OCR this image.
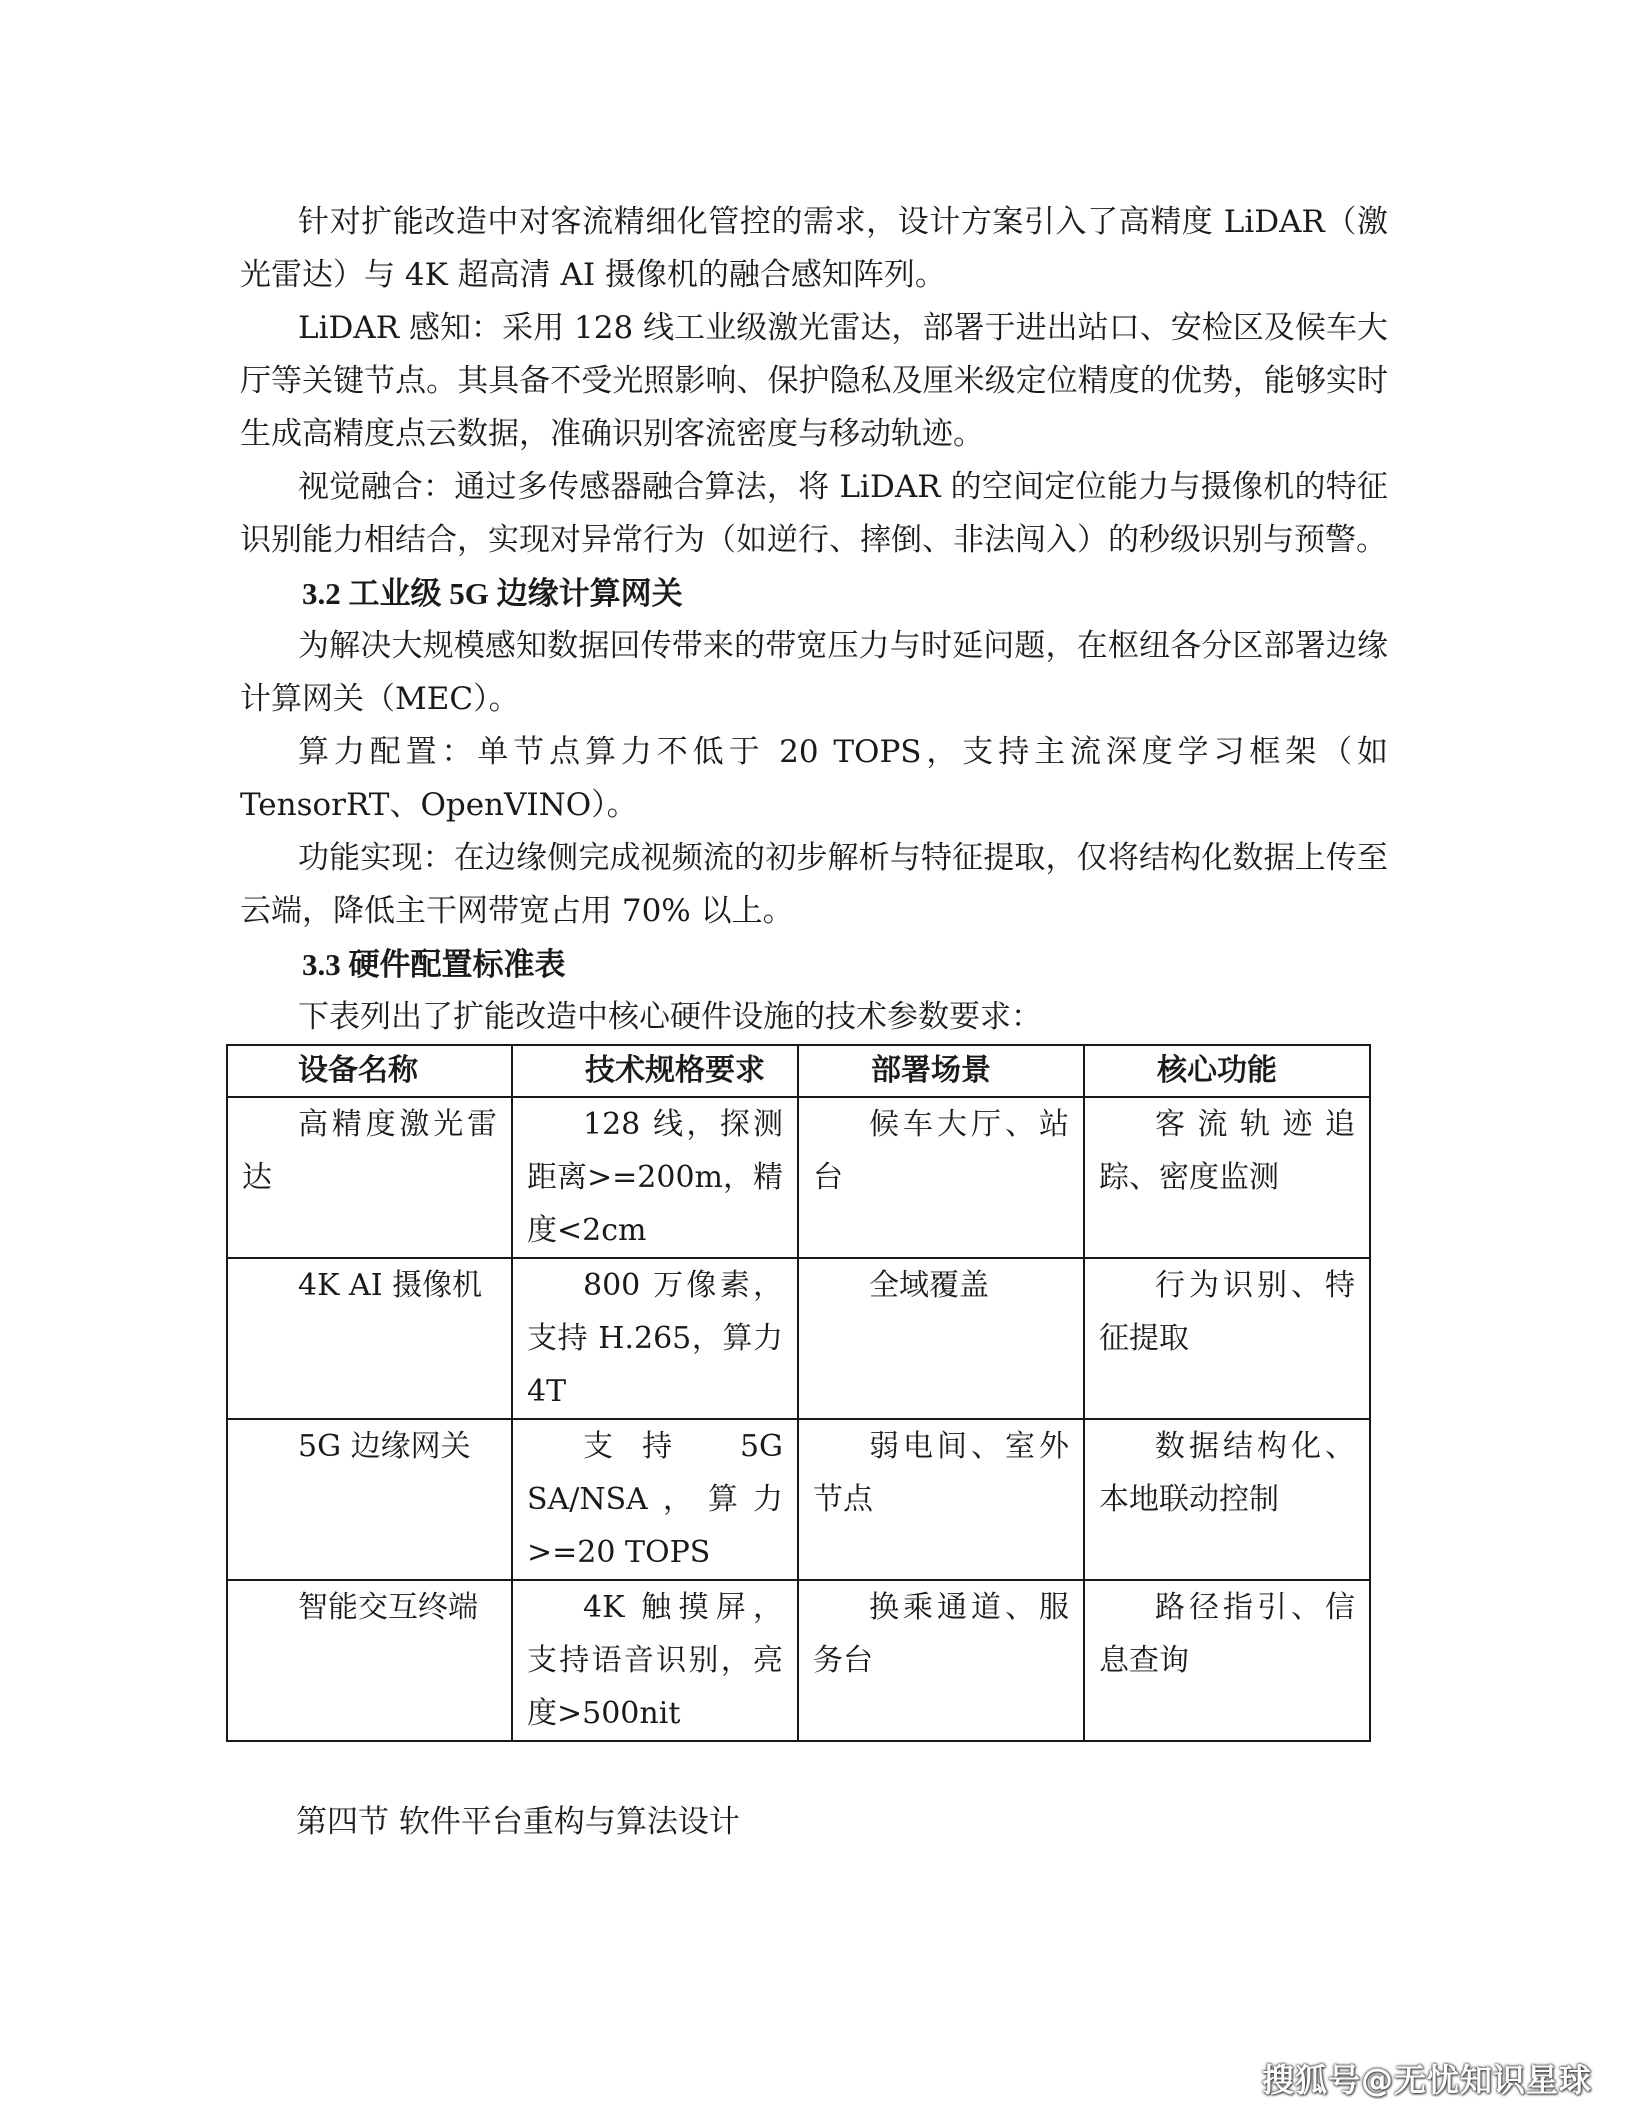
针对扩能改造中对客流精细化管控的需求，设计方案引入了高精度 LiDAR（激光雷达）与 4K 超高清 AI 摄像机的融合感知阵列。

LiDAR 感知：采用 128 线工业级激光雷达，部署于进出站口、安检区及候车大厅等关键节点。其具备不受光照影响、保护隐私及厘米级定位精度的优势，能够实时生成高精度点云数据，准确识别客流密度与移动轨迹。

视觉融合：通过多传感器融合算法，将 LiDAR 的空间定位能力与摄像机的特征识别能力相结合，实现对异常行为（如逆行、摔倒、非法闯入）的秒级识别与预警。

3.2 工业级 5G 边缘计算网关

为解决大规模感知数据回传带来的带宽压力与时延问题，在枢纽各分区部署边缘计算网关（MEC）。

算力配置：单节点算力不低于 20 TOPS，支持主流深度学习框架（如 TensorRT、OpenVINO）。

功能实现：在边缘侧完成视频流的初步解析与特征提取，仅将结构化数据上传至云端，降低主干网带宽占用 70% 以上。

3.3 硬件配置标准表

下表列出了扩能改造中核心硬件设施的技术参数要求：

设备名称	技术规格要求	部署场景	核心功能
高精度激光雷达	128 线，探测距离>=200m，精度<2cm	候车大厅、站台	客流轨迹追踪、密度监测
4K AI 摄像机	800 万像素，支持 H.265，算力 4T	全域覆盖	行为识别、特征提取
5G 边缘网关	支持 5G SA/NSA，算力>=20 TOPS	弱电间、室外节点	数据结构化、本地联动控制
智能交互终端	4K 触摸屏，支持语音识别，亮度>500nit	换乘通道、服务台	路径指引、信息查询

第四节 软件平台重构与算法设计

搜狐号@无忧知识星球
